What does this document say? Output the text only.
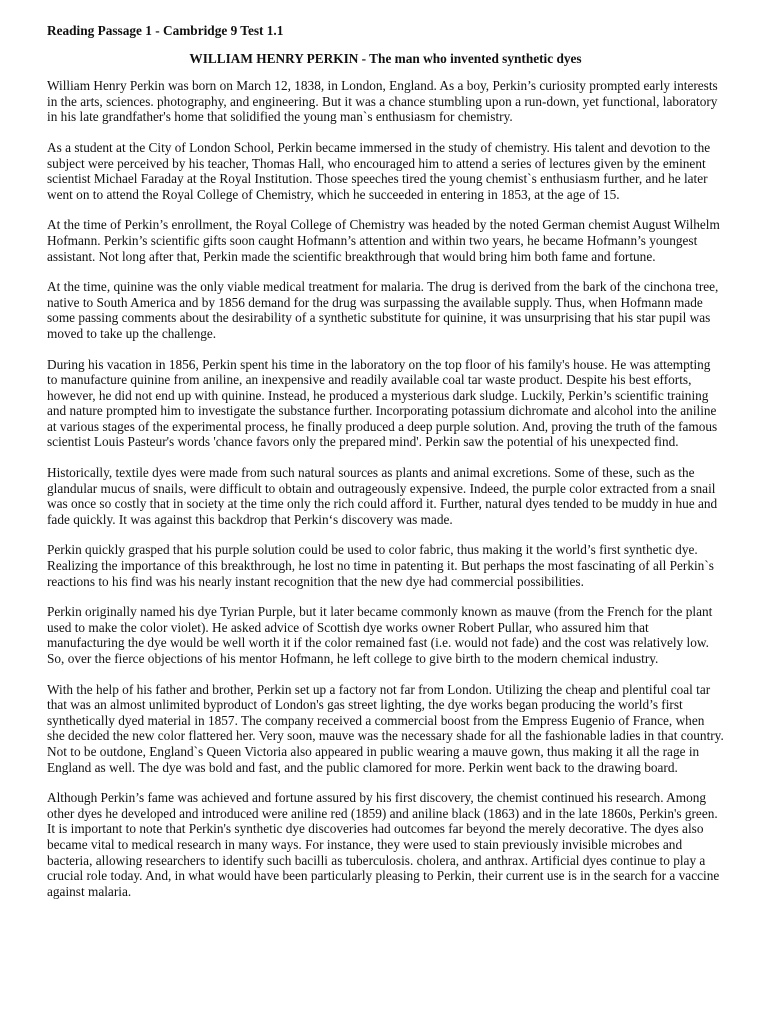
Reading Passage 1 - Cambridge 9 Test 1.1
WILLIAM HENRY PERKIN - The man who invented synthetic dyes

William Henry Perkin was born on March 12, 1838, in London, England. As a boy, Perkin’s curiosity prompted early interests in the arts, sciences. photography, and engineering. But it was a chance stumbling upon a run-down, yet functional, laboratory in his late grandfather's home that solidified the young man`s enthusiasm for chemistry.

As a student at the City of London School, Perkin became immersed in the study of chemistry. His talent and devotion to the subject were perceived by his teacher, Thomas Hall, who encouraged him to attend a series of lectures given by the eminent scientist Michael Faraday at the Royal Institution. Those speeches tired the young chemist`s enthusiasm further, and he later went on to attend the Royal College of Chemistry, which he succeeded in entering in 1853, at the age of 15.

At the time of Perkin’s enrollment, the Royal College of Chemistry was headed by the noted German chemist August Wilhelm Hofmann. Perkin’s scientific gifts soon caught Hofmann’s attention and within two years, he became Hofmann’s youngest assistant. Not long after that, Perkin made the scientific breakthrough that would bring him both fame and fortune.

At the time, quinine was the only viable medical treatment for malaria. The drug is derived from the bark of the cinchona tree, native to South America and by 1856 demand for the drug was surpassing the available supply. Thus, when Hofmann made some passing comments about the desirability of a synthetic substitute for quinine, it was unsurprising that his star pupil was moved to take up the challenge.

During his vacation in 1856, Perkin spent his time in the laboratory on the top floor of his family's house. He was attempting to manufacture quinine from aniline, an inexpensive and readily available coal tar waste product. Despite his best efforts, however, he did not end up with quinine. Instead, he produced a mysterious dark sludge. Luckily, Perkin’s scientific training and nature prompted him to investigate the substance further. Incorporating potassium dichromate and alcohol into the aniline at various stages of the experimental process, he finally produced a deep purple solution. And, proving the truth of the famous scientist Louis Pasteur's words 'chance favors only the prepared mind'. Perkin saw the potential of his unexpected find.

Historically, textile dyes were made from such natural sources as plants and animal excretions. Some of these, such as the glandular mucus of snails, were difficult to obtain and outrageously expensive. Indeed, the purple color extracted from a snail was once so costly that in society at the time only the rich could afford it. Further, natural dyes tended to be muddy in hue and fade quickly. It was against this backdrop that Perkin‘s discovery was made.

Perkin quickly grasped that his purple solution could be used to color fabric, thus making it the world’s first synthetic dye. Realizing the importance of this breakthrough, he lost no time in patenting it. But perhaps the most fascinating of all Perkin`s reactions to his find was his nearly instant recognition that the new dye had commercial possibilities.

Perkin originally named his dye Tyrian Purple, but it later became commonly known as mauve (from the French for the plant used to make the color violet). He asked advice of Scottish dye works owner Robert Pullar, who assured him that manufacturing the dye would be well worth it if the color remained fast (i.e. would not fade) and the cost was relatively low. So, over the fierce objections of his mentor Hofmann, he left college to give birth to the modern chemical industry.

With the help of his father and brother, Perkin set up a factory not far from London. Utilizing the cheap and plentiful coal tar that was an almost unlimited byproduct of London's gas street lighting, the dye works began producing the world’s first synthetically dyed material in 1857. The company received a commercial boost from the Empress Eugenio of France, when she decided the new color flattered her. Very soon, mauve was the necessary shade for all the fashionable ladies in that country. Not to be outdone, England`s Queen Victoria also appeared in public wearing a mauve gown, thus making it all the rage in England as well. The dye was bold and fast, and the public clamored for more. Perkin went back to the drawing board.

Although Perkin’s fame was achieved and fortune assured by his first discovery, the chemist continued his research. Among other dyes he developed and introduced were aniline red (1859) and aniline black (1863) and in the late 1860s, Perkin's green. It is important to note that Perkin's synthetic dye discoveries had outcomes far beyond the merely decorative. The dyes also became vital to medical research in many ways. For instance, they were used to stain previously invisible microbes and bacteria, allowing researchers to identify such bacilli as tuberculosis. cholera, and anthrax. Artificial dyes continue to play a crucial role today. And, in what would have been particularly pleasing to Perkin, their current use is in the search for a vaccine against malaria.
